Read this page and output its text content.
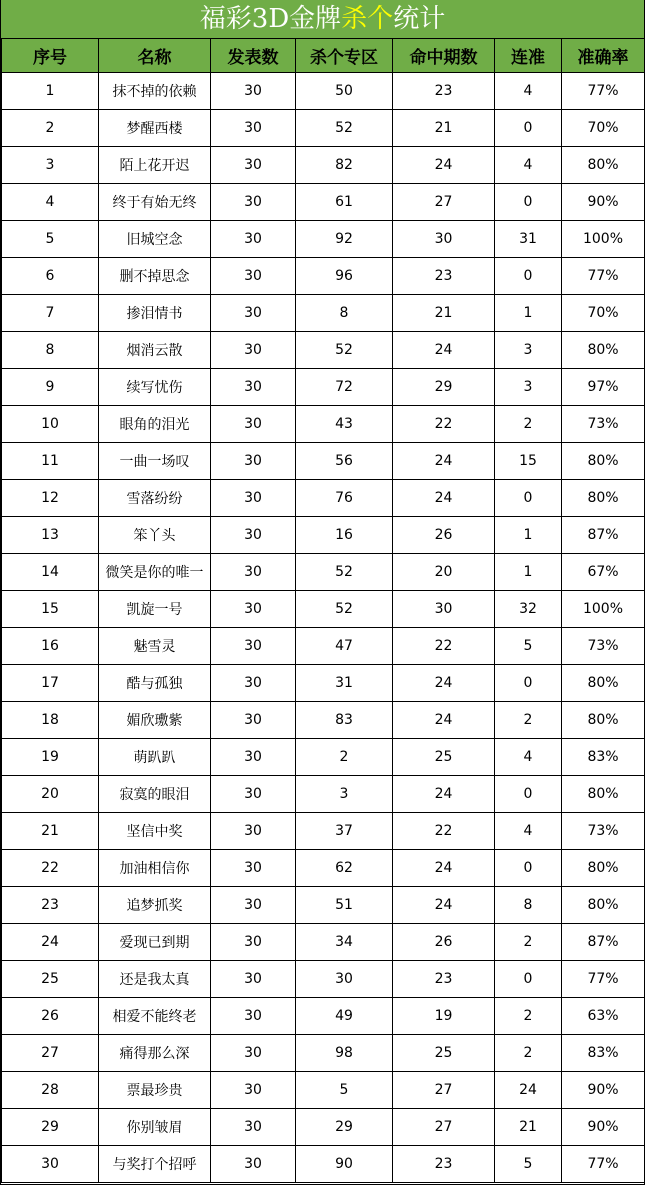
福彩3D金牌杀个统计
序号	名称	发表数	杀个专区	命中期数	连准	准确率
1	抹不掉的依赖	30	50	23	4	77%
2	梦醒西楼	30	52	21	0	70%
3	陌上花开迟	30	82	24	4	80%
4	终于有始无终	30	61	27	0	90%
5	旧城空念	30	92	30	31	100%
6	删不掉思念	30	96	23	0	77%
7	掺泪情书	30	8	21	1	70%
8	烟消云散	30	52	24	3	80%
9	续写忧伤	30	72	29	3	97%
10	眼角的泪光	30	43	22	2	73%
11	一曲一场叹	30	56	24	15	80%
12	雪落纷纷	30	76	24	0	80%
13	笨丫头	30	16	26	1	87%
14	微笑是你的唯一	30	52	20	1	67%
15	凯旋一号	30	52	30	32	100%
16	魅雪灵	30	47	22	5	73%
17	酷与孤独	30	31	24	0	80%
18	媚欣璷紫	30	83	24	2	80%
19	萌趴趴	30	2	25	4	83%
20	寂寞的眼泪	30	3	24	0	80%
21	坚信中奖	30	37	22	4	73%
22	加油相信你	30	62	24	0	80%
23	追梦抓奖	30	51	24	8	80%
24	爱现已到期	30	34	26	2	87%
25	还是我太真	30	30	23	0	77%
26	相爱不能终老	30	49	19	2	63%
27	痛得那么深	30	98	25	2	83%
28	票最珍贵	30	5	27	24	90%
29	你别皱眉	30	29	27	21	90%
30	与奖打个招呼	30	90	23	5	77%
